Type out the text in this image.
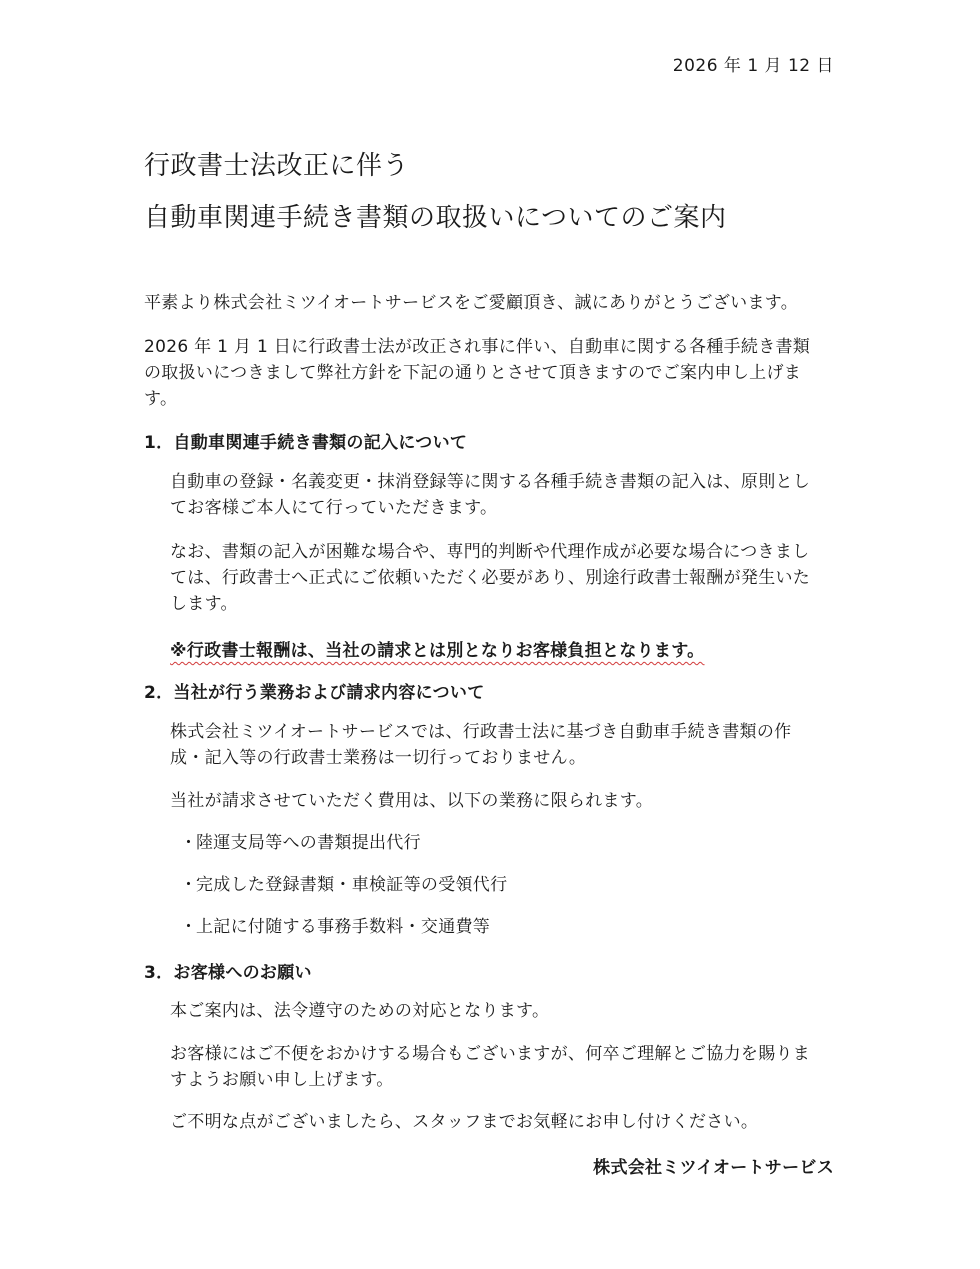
2026 年 1 月 12 日

行政書士法改正に伴う
自動車関連手続き書類の取扱いについてのご案内

平素より株式会社ミツイオートサービスをご愛顧頂き、誠にありがとうございます。

2026 年 1 月 1 日に行政書士法が改正され事に伴い、自動車に関する各種手続き書類
の取扱いにつきまして弊社方針を下記の通りとさせて頂きますのでご案内申し上げま
す。

1．自動車関連手続き書類の記入について

自動車の登録・名義変更・抹消登録等に関する各種手続き書類の記入は、原則とし
てお客様ご本人にて行っていただきます。

なお、書類の記入が困難な場合や、専門的判断や代理作成が必要な場合につきまし
ては、行政書士へ正式にご依頼いただく必要があり、別途行政書士報酬が発生いた
します。

※行政書士報酬は、当社の請求とは別となりお客様負担となります。

2．当社が行う業務および請求内容について

株式会社ミツイオートサービスでは、行政書士法に基づき自動車手続き書類の作
成・記入等の行政書士業務は一切行っておりません。

当社が請求させていただく費用は、以下の業務に限られます。

・陸運支局等への書類提出代行
・完成した登録書類・車検証等の受領代行
・上記に付随する事務手数料・交通費等
3．お客様へのお願い

本ご案内は、法令遵守のための対応となります。

お客様にはご不便をおかけする場合もございますが、何卒ご理解とご協力を賜りま
すようお願い申し上げます。

ご不明な点がございましたら、スタッフまでお気軽にお申し付けください。

株式会社ミツイオートサービス
